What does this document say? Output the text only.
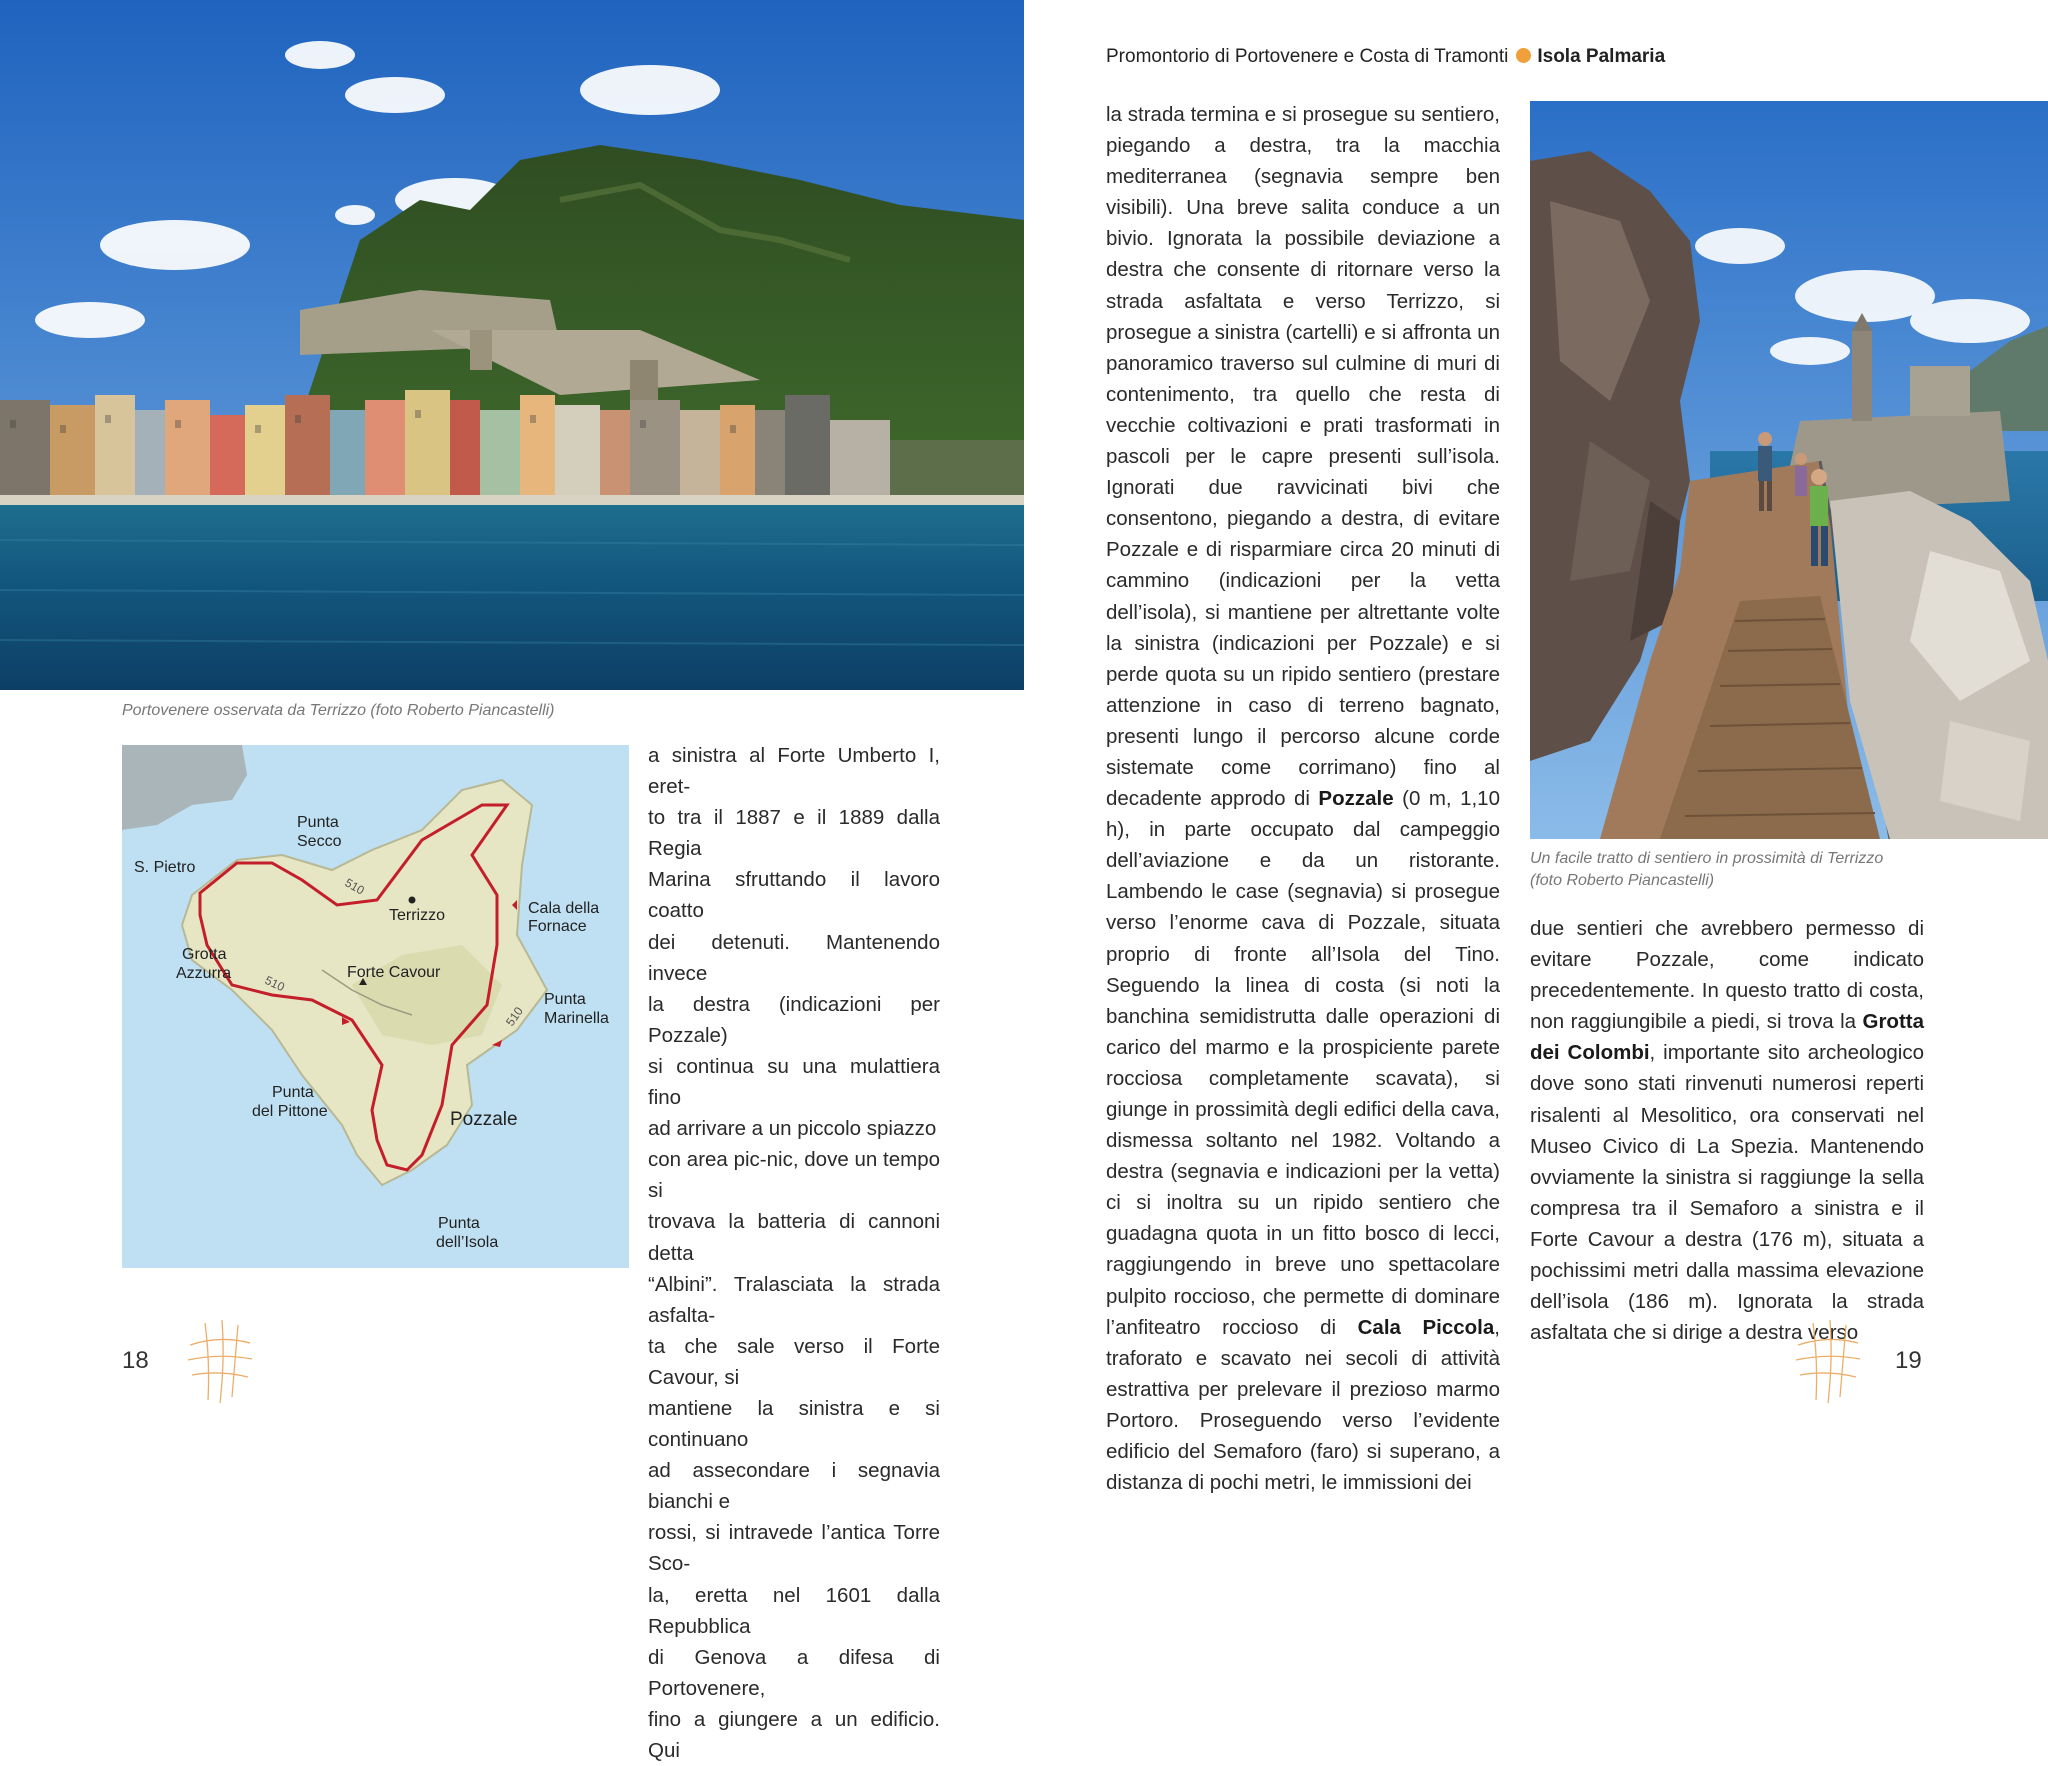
Portovenere osservata da Terrizzo (foto Roberto Piancastelli)
510
510
510
S. Pietro
Punta
Secco
Terrizzo	Cala della
Fornace
Grotta
Azzurra	Forte Cavour
Punta
Marinella
Punta
del Pittone	Pozzale
Punta
dell’Isola

a sinistra al Forte Umberto I, eret-

to tra il 1887 e il 1889 dalla Regia

Marina sfruttando il lavoro coatto

dei detenuti. Mantenendo invece

la destra (indicazioni per Pozzale)

si continua su una mulattiera fino

ad arrivare a un piccolo spiazzo

con area pic-nic, dove un tempo si

trovava la batteria di cannoni detta

“Albini”. Tralasciata la strada asfalta-

ta che sale verso il Forte Cavour, si

mantiene la sinistra e si continuano

ad assecondare i segnavia bianchi e

rossi, si intravede l’antica Torre Sco-

la, eretta nel 1601 dalla Repubblica

di Genova a difesa di Portovenere,

fino a giungere a un edificio. Qui

18
Promontorio di Portovenere e Costa di Tramonti Isola Palmaria

la strada termina e si prosegue su sentiero, piegando a destra, tra la macchia mediterranea (segnavia sempre ben visibili). Una breve salita conduce a un bivio. Ignorata la possibile deviazione a destra che consente di ritornare verso la strada asfaltata e verso Terrizzo, si prosegue a sinistra (cartelli) e si affronta un panoramico traverso sul culmine di muri di contenimento, tra quello che resta di vecchie coltivazioni e prati trasformati in pascoli per le capre presenti sull’isola. Ignorati due ravvicinati bivi che consentono, piegando a destra, di evitare Pozzale e di risparmiare circa 20 minuti di cammino (indicazioni per la vetta dell’isola), si mantiene per altrettante volte la sinistra (indicazioni per Pozzale) e si perde quota su un ripido sentiero (prestare attenzione in caso di terreno bagnato, presenti lungo il percorso alcune corde sistemate come corrimano) fino al decadente approdo di Pozzale (0 m, 1,10 h), in parte occupato dal campeggio dell’aviazione e da un ristorante. Lambendo le case (segnavia) si prosegue verso l’enorme cava di Pozzale, situata proprio di fronte all’Isola del Tino. Seguendo la linea di costa (si noti la banchina semidistrutta dalle operazioni di carico del marmo e la prospiciente parete rocciosa completamente scavata), si giunge in prossimità degli edifici della cava, dismessa soltanto nel 1982. Voltando a destra (segnavia e indicazioni per la vetta) ci si inoltra su un ripido sentiero che guadagna quota in un fitto bosco di lecci, raggiungendo in breve uno spettacolare pulpito roccioso, che permette di dominare l’anfiteatro roccioso di Cala Piccola, traforato e scavato nei secoli di attività estrattiva per prelevare il prezioso marmo Portoro. Proseguendo verso l’evidente edificio del Semaforo (faro) si superano, a distanza di pochi metri, le immissioni dei

Un facile tratto di sentiero in prossimità di Terrizzo
(foto Roberto Piancastelli)

due sentieri che avrebbero permesso di evitare Pozzale, come indicato precedentemente. In questo tratto di costa, non raggiungibile a piedi, si trova la Grotta dei Colombi, importante sito archeologico dove sono stati rinvenuti numerosi reperti risalenti al Mesolitico, ora conservati nel Museo Civico di La Spezia. Mantenendo ovviamente la sinistra si raggiunge la sella compresa tra il Semaforo a sinistra e il Forte Cavour a destra (176 m), situata a pochissimi metri dalla massima elevazione dell’isola (186 m). Ignorata la strada asfaltata che si dirige a destra verso

19
